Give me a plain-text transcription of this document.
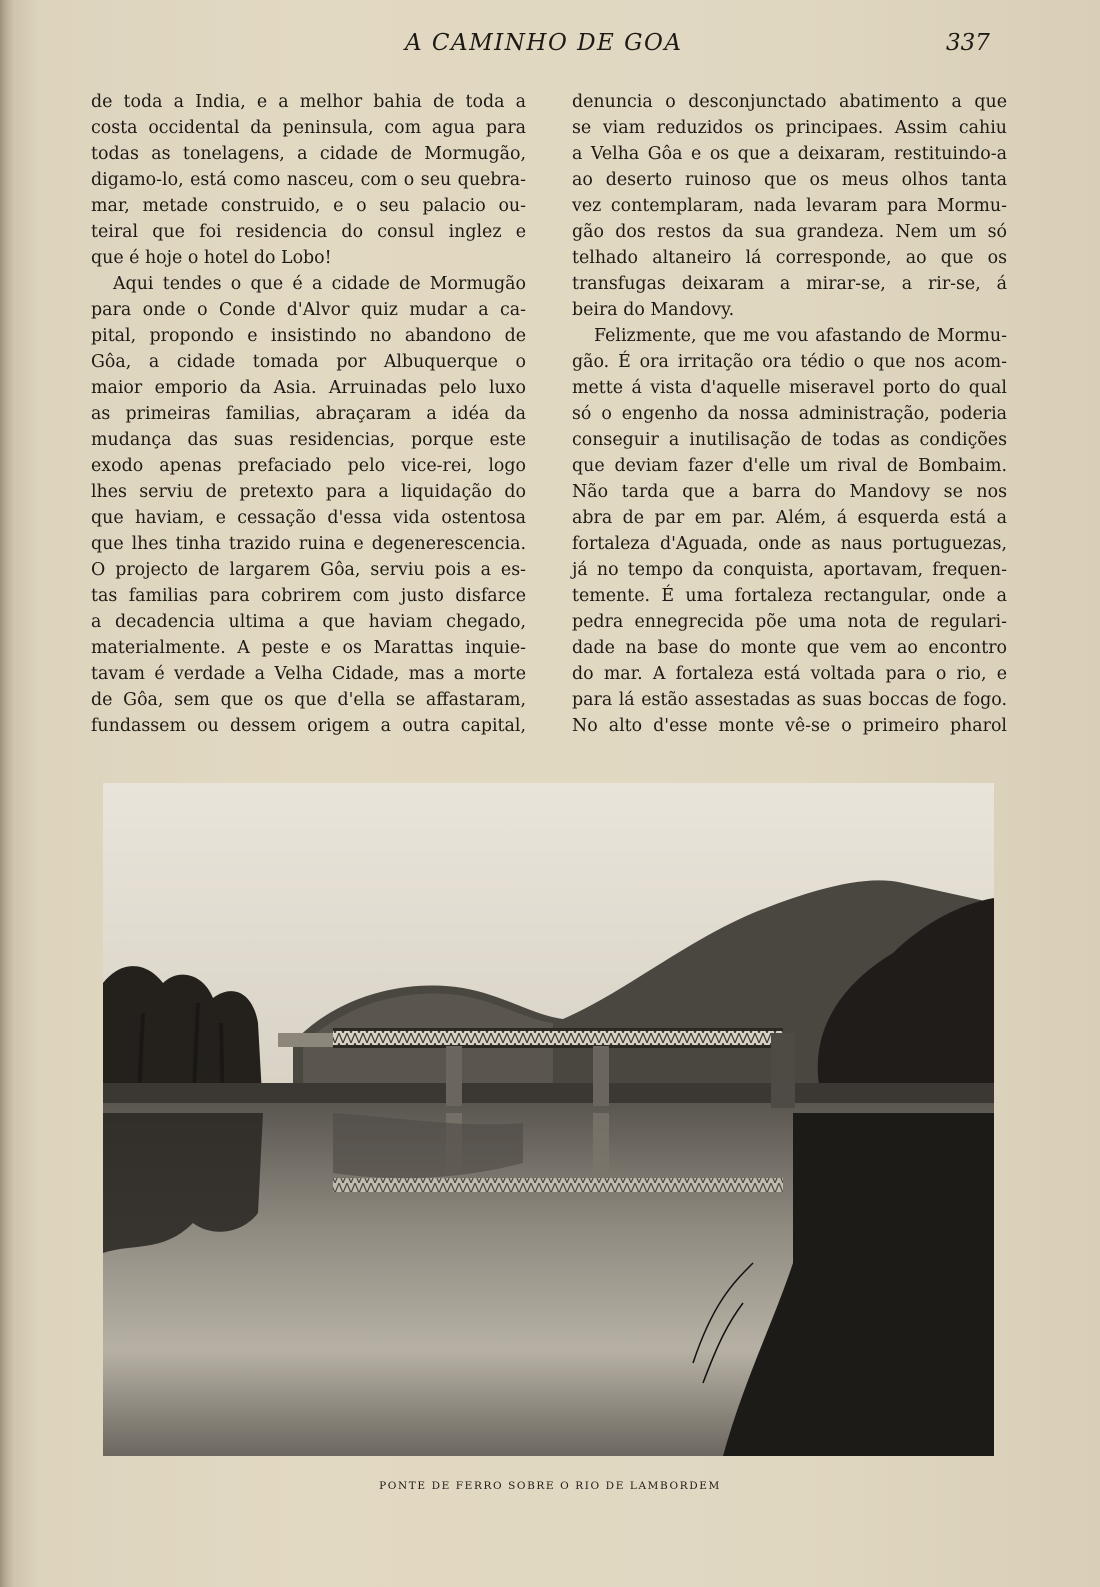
A CAMINHO DE GOA	337
de toda a India, e a melhor bahia de toda a
costa occidental da peninsula, com agua para
todas as tonelagens, a cidade de Mormugão,
digamo-lo, está como nasceu, com o seu quebra-
mar, metade construido, e o seu palacio ou-
teiral que foi residencia do consul inglez e
que é hoje o hotel do Lobo!
Aqui tendes o que é a cidade de Mormugão
para onde o Conde d'Alvor quiz mudar a ca-
pital, propondo e insistindo no abandono de
Gôa, a cidade tomada por Albuquerque o
maior emporio da Asia. Arruinadas pelo luxo
as primeiras familias, abraçaram a idéa da
mudança das suas residencias, porque este
exodo apenas prefaciado pelo vice-rei, logo
lhes serviu de pretexto para a liquidação do
que haviam, e cessação d'essa vida ostentosa
que lhes tinha trazido ruina e degenerescencia.
O projecto de largarem Gôa, serviu pois a es-
tas familias para cobrirem com justo disfarce
a decadencia ultima a que haviam chegado,
materialmente. A peste e os Marattas inquie-
tavam é verdade a Velha Cidade, mas a morte
de Gôa, sem que os que d'ella se affastaram,
fundassem ou dessem origem a outra capital,
denuncia o desconjunctado abatimento a que
se viam reduzidos os principaes. Assim cahiu
a Velha Gôa e os que a deixaram, restituindo-a
ao deserto ruinoso que os meus olhos tanta
vez contemplaram, nada levaram para Mormu-
gão dos restos da sua grandeza. Nem um só
telhado altaneiro lá corresponde, ao que os
transfugas deixaram a mirar-se, a rir-se, á
beira do Mandovy.
Felizmente, que me vou afastando de Mormu-
gão. É ora irritação ora tédio o que nos acom-
mette á vista d'aquelle miseravel porto do qual
só o engenho da nossa administração, poderia
conseguir a inutilisação de todas as condições
que deviam fazer d'elle um rival de Bombaim.
Não tarda que a barra do Mandovy se nos
abra de par em par. Além, á esquerda está a
fortaleza d'Aguada, onde as naus portuguezas,
já no tempo da conquista, aportavam, frequen-
temente. É uma fortaleza rectangular, onde a
pedra ennegrecida põe uma nota de regulari-
dade na base do monte que vem ao encontro
do mar. A fortaleza está voltada para o rio, e
para lá estão assestadas as suas boccas de fogo.
No alto d'esse monte vê-se o primeiro pharol
PONTE DE FERRO SOBRE O RIO DE LAMBORDEM
